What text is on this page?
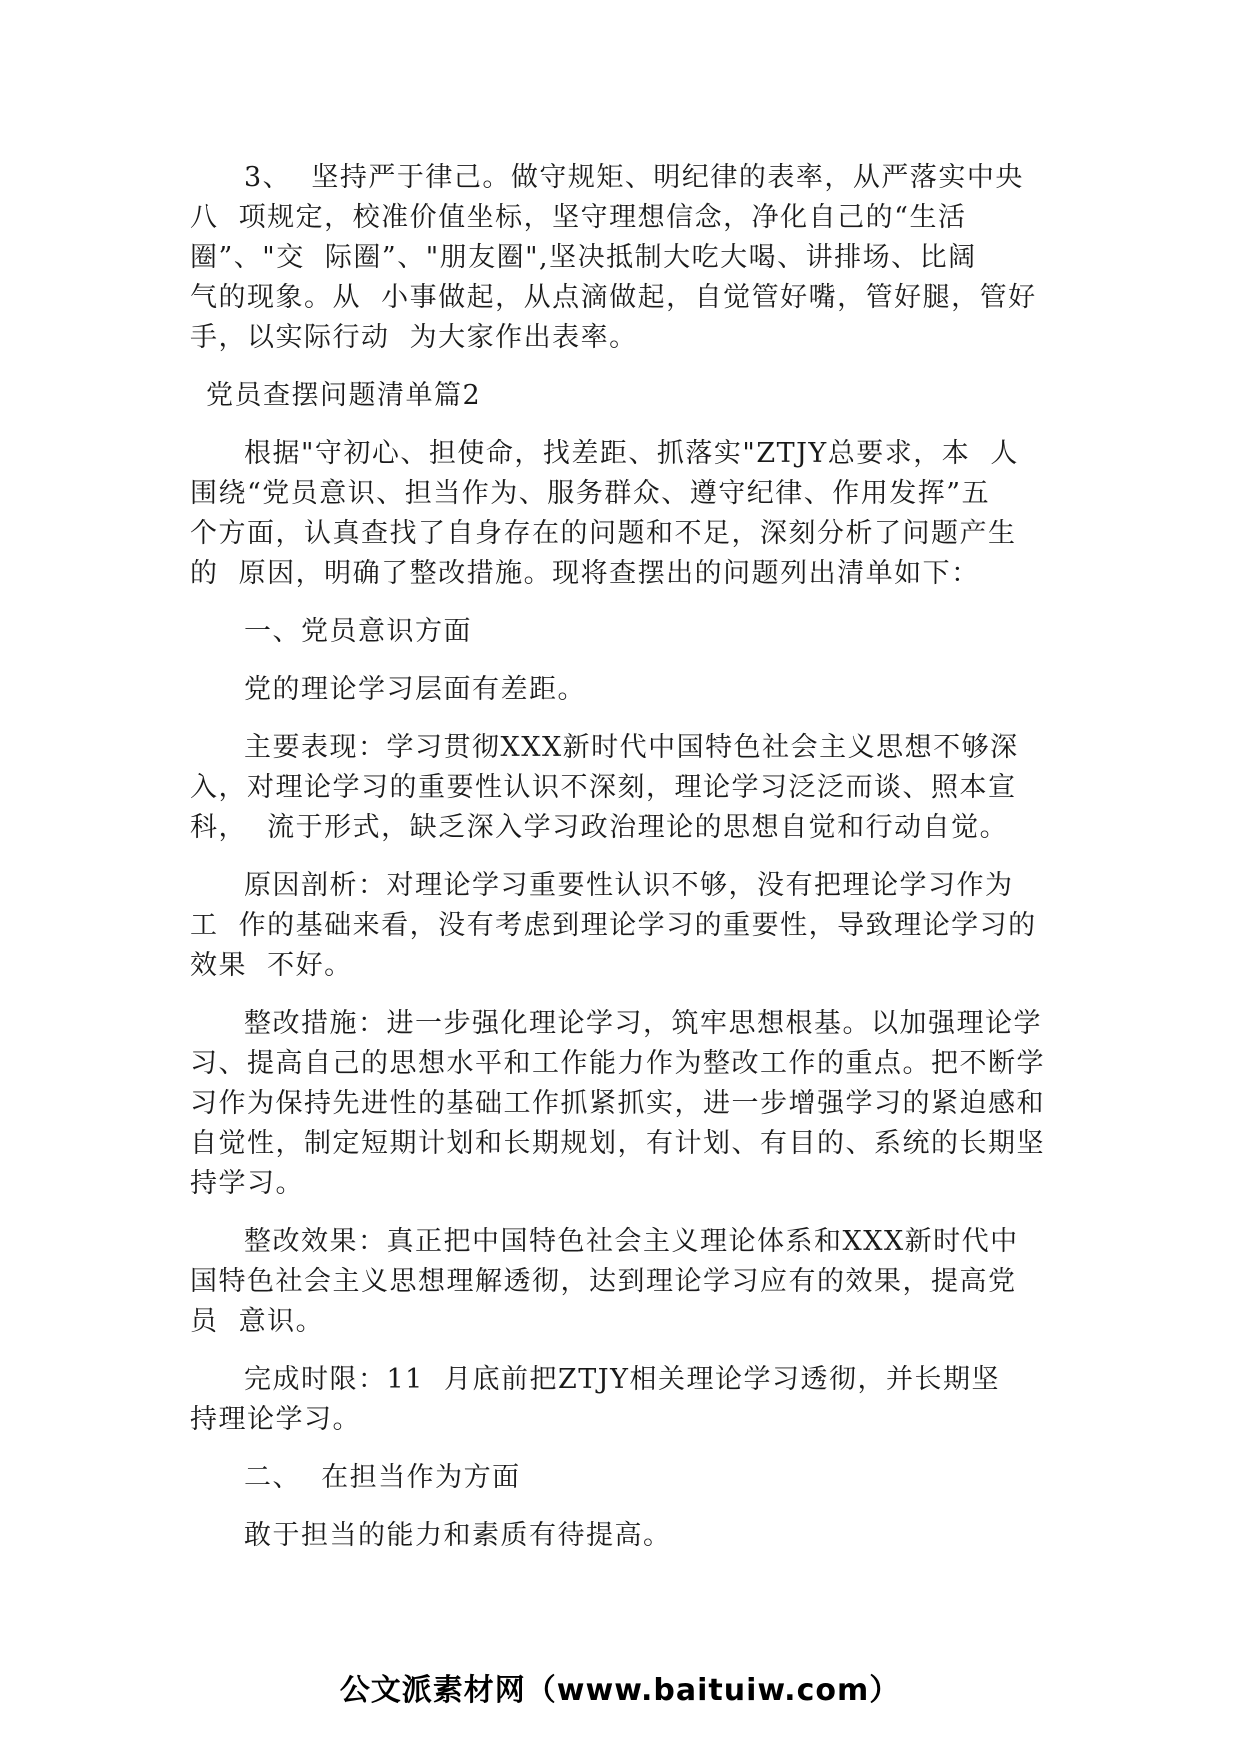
3、  坚持严于律己。做守规矩、明纪律的表率，从严落实中央

八  项规定，校准价值坐标，坚守理想信念，净化自己的“生活

圈”、"交  际圈”、"朋友圈",坚决抵制大吃大喝、讲排场、比阔

气的现象。从  小事做起，从点滴做起，自觉管好嘴，管好腿，管好

手，以实际行动  为大家作出表率。

党员查摆问题清单篇2

根据"守初心、担使命，找差距、抓落实"ZTJY总要求，本  人

围绕“党员意识、担当作为、服务群众、遵守纪律、作用发挥”五

个方面，认真查找了自身存在的问题和不足，深刻分析了问题产生

的  原因，明确了整改措施。现将查摆出的问题列出清单如下：

一、党员意识方面

党的理论学习层面有差距。

主要表现：学习贯彻XXX新时代中国特色社会主义思想不够深

入，对理论学习的重要性认识不深刻，理论学习泛泛而谈、照本宣

科，  流于形式，缺乏深入学习政治理论的思想自觉和行动自觉。

原因剖析：对理论学习重要性认识不够，没有把理论学习作为

工  作的基础来看，没有考虑到理论学习的重要性，导致理论学习的

效果  不好。

整改措施：进一步强化理论学习，筑牢思想根基。以加强理论学

习、提高自己的思想水平和工作能力作为整改工作的重点。把不断学

习作为保持先进性的基础工作抓紧抓实，进一步增强学习的紧迫感和

自觉性，制定短期计划和长期规划，有计划、有目的、系统的长期坚

持学习。

整改效果：真正把中国特色社会主义理论体系和XXX新时代中

国特色社会主义思想理解透彻，达到理论学习应有的效果，提高党

员  意识。

完成时限：11  月底前把ZTJY相关理论学习透彻，并长期坚

持理论学习。

二、  在担当作为方面

敢于担当的能力和素质有待提高。

公文派素材网（www.baituiw.com）
